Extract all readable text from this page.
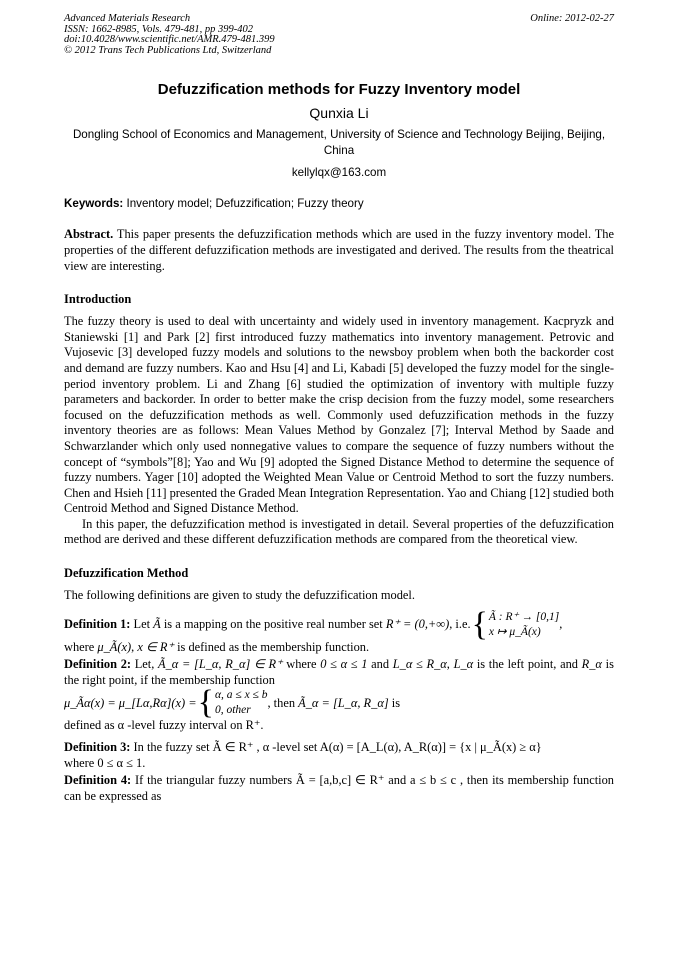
Advanced Materials Research
ISSN: 1662-8985, Vols. 479-481, pp 399-402
doi:10.4028/www.scientific.net/AMR.479-481.399
© 2012 Trans Tech Publications Ltd, Switzerland
Online: 2012-02-27
Defuzzification methods for Fuzzy Inventory model
Qunxia Li
Dongling School of Economics and Management, University of Science and Technology Beijing, Beijing, China
kellylqx@163.com
Keywords: Inventory model; Defuzzification; Fuzzy theory

Abstract. This paper presents the defuzzification methods which are used in the fuzzy inventory model. The properties of the different defuzzification methods are investigated and derived. The results from the theatrical view are interesting.

Introduction

The fuzzy theory is used to deal with uncertainty and widely used in inventory management. Kacpryzk and Staniewski [1] and Park [2] first introduced fuzzy mathematics into inventory management. Petrovic and Vujosevic [3] developed fuzzy models and solutions to the newsboy problem when both the backorder cost and demand are fuzzy numbers. Kao and Hsu [4] and Li, Kabadi [5] developed the fuzzy model for the single-period inventory problem. Li and Zhang [6] studied the optimization of inventory with multiple fuzzy parameters and backorder. In order to better make the crisp decision from the fuzzy model, some researchers focused on the defuzzification methods as well. Commonly used defuzzification methods in the fuzzy inventory theories are as follows: Mean Values Method by Gonzalez [7]; Interval Method by Saade and Schwarzlander which only used nonnegative values to compare the sequence of fuzzy numbers without the concept of “symbols”[8]; Yao and Wu [9] adopted the Signed Distance Method to determine the sequence of fuzzy numbers. Yager [10] adopted the Weighted Mean Value or Centroid Method to sort the fuzzy numbers. Chen and Hsieh [11] presented the Graded Mean Integration Representation. Yao and Chiang [12] studied both Centroid Method and Signed Distance Method.

In this paper, the defuzzification method is investigated in detail. Several properties of the defuzzification method are derived and these different defuzzification methods are compared from the theoretical view.

Defuzzification Method

The following definitions are given to study the defuzzification model.

Definition 1: Let Ã is a mapping on the positive real number set R⁺ = (0,+∞), i.e. { Ã : R⁺ → [0,1]
x ↦ μ_Ã(x)
,

where μ_Ã(x), x ∈ R⁺ is defined as the membership function.

Definition 2: Let, Ã_α = [L_α, R_α] ∈ R⁺ where 0 ≤ α ≤ 1 and L_α ≤ R_α, L_α is the left point, and R_α is the right point, if the membership function

μ_Ãα(x) = μ_[Lα,Rα](x) = { α, a ≤ x ≤ b
0, other
, then
Ã_α = [L_α, R_α]
is

defined as α -level fuzzy interval on R⁺.

Definition 3: In the fuzzy set Ã ∈ R⁺ , α -level set A(α) = [A_L(α), A_R(α)] = {x | μ_Ã(x) ≥ α}

where 0 ≤ α ≤ 1.

Definition 4: If the triangular fuzzy numbers Ã = [a,b,c] ∈ R⁺ and a ≤ b ≤ c , then its membership function can be expressed as
